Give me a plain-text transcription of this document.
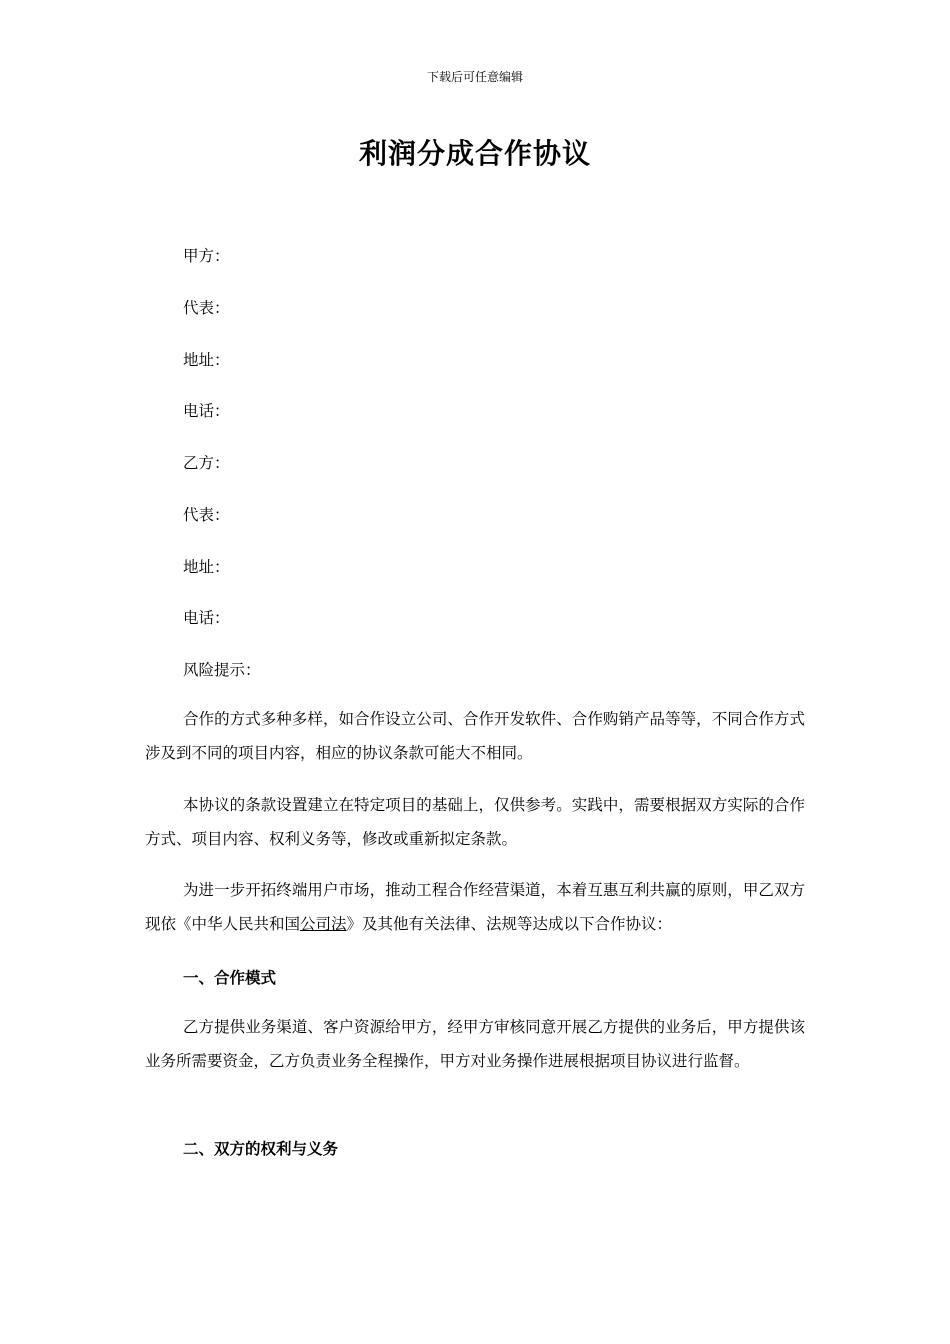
下载后可任意编辑
利润分成合作协议

甲方：

代表：

地址：

电话：

乙方：

代表：

地址：

电话：

风险提示：

合作的方式多种多样，如合作设立公司、合作开发软件、合作购销产品等等，不同合作方式涉及到不同的项目内容，相应的协议条款可能大不相同。

本协议的条款设置建立在特定项目的基础上，仅供参考。实践中，需要根据双方实际的合作方式、项目内容、权利义务等，修改或重新拟定条款。

为进一步开拓终端用户市场，推动工程合作经营渠道，本着互惠互利共赢的原则，甲乙双方现依《中华人民共和国公司法》及其他有关法律、法规等达成以下合作协议：

一、合作模式

乙方提供业务渠道、客户资源给甲方，经甲方审核同意开展乙方提供的业务后，甲方提供该业务所需要资金，乙方负责业务全程操作，甲方对业务操作进展根据项目协议进行监督。

二、双方的权利与义务
